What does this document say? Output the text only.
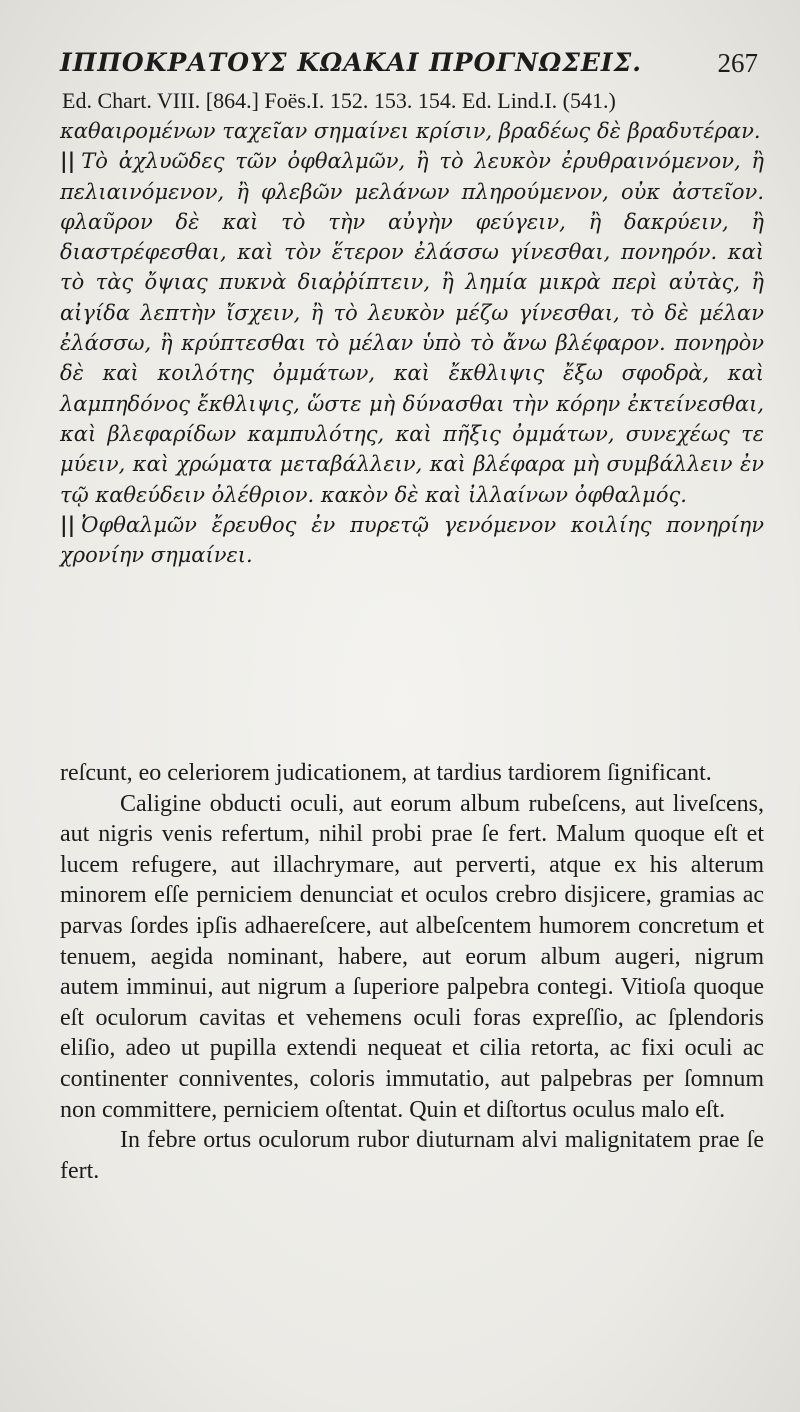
ΙΠΠΟΚΡΑΤΟΥΣ ΚΩΑΚΑΙ ΠΡΟΓΝΩΣΕΙΣ.	267
Ed. Chart. VIII. [864.] Foës.I. 152. 153. 154. Ed. Lind.I. (541.)

καθαιρομένων ταχεῖαν σημαίνει κρίσιν, βραδέως δὲ βραδυτέραν.

|| Τὸ ἀχλυῶδες τῶν ὀφθαλμῶν, ἢ τὸ λευκὸν ἐρυθραινόμενον, ἢ πελιαινόμενον, ἢ φλεβῶν μελάνων πληρούμενον, οὐκ ἀστεῖον. φλαῦρον δὲ καὶ τὸ τὴν αὐγὴν φεύγειν, ἢ δακρύειν, ἢ διαστρέφεσθαι, καὶ τὸν ἕτερον ἐλάσσω γίνεσθαι, πονηρόν. καὶ τὸ τὰς ὄψιας πυκνὰ διαῤῥίπτειν, ἢ λημία μικρὰ περὶ αὐτὰς, ἢ αἰγίδα λεπτὴν ἴσχειν, ἢ τὸ λευκὸν μέζω γίνεσθαι, τὸ δὲ μέλαν ἐλάσσω, ἢ κρύπτεσθαι τὸ μέλαν ὑπὸ τὸ ἄνω βλέφαρον. πονηρὸν δὲ καὶ κοιλότης ὀμμάτων, καὶ ἔκθλιψις ἔξω σφοδρὰ, καὶ λαμπηδόνος ἔκθλιψις, ὥστε μὴ δύνασθαι τὴν κόρην ἐκτείνεσθαι, καὶ βλεφαρίδων καμπυλότης, καὶ πῆξις ὀμμάτων, συνεχέως τε μύειν, καὶ χρώματα μεταβάλλειν, καὶ βλέφαρα μὴ συμβάλλειν ἐν τῷ καθεύδειν ὀλέθριον. κακὸν δὲ καὶ ἰλλαίνων ὀφθαλμός.

|| Ὀφθαλμῶν ἔρευθος ἐν πυρετῷ γενόμενον κοιλίης πονηρίην χρονίην σημαίνει.

reſcunt, eo celeriorem judicationem, at tardius tardiorem ſignificant.

Caligine obducti oculi, aut eorum album rubeſcens, aut liveſcens, aut nigris venis refertum, nihil probi prae ſe fert. Malum quoque eſt et lucem refugere, aut illachrymare, aut perverti, atque ex his alterum minorem eſſe perniciem denunciat et oculos crebro disjicere, gramias ac parvas ſordes ipſis adhaereſcere, aut albeſcentem humorem concretum et tenuem, aegida nominant, habere, aut eorum album augeri, nigrum autem imminui, aut nigrum a ſuperiore palpebra contegi. Vitioſa quoque eſt oculorum cavitas et vehemens oculi foras expreſſio, ac ſplendoris eliſio, adeo ut pupilla extendi nequeat et cilia retorta, ac fixi oculi ac continenter conniventes, coloris immutatio, aut palpebras per ſomnum non committere, perniciem oſtentat. Quin et diſtortus oculus malo eſt.

In febre ortus oculorum rubor diuturnam alvi malignitatem prae ſe fert.
